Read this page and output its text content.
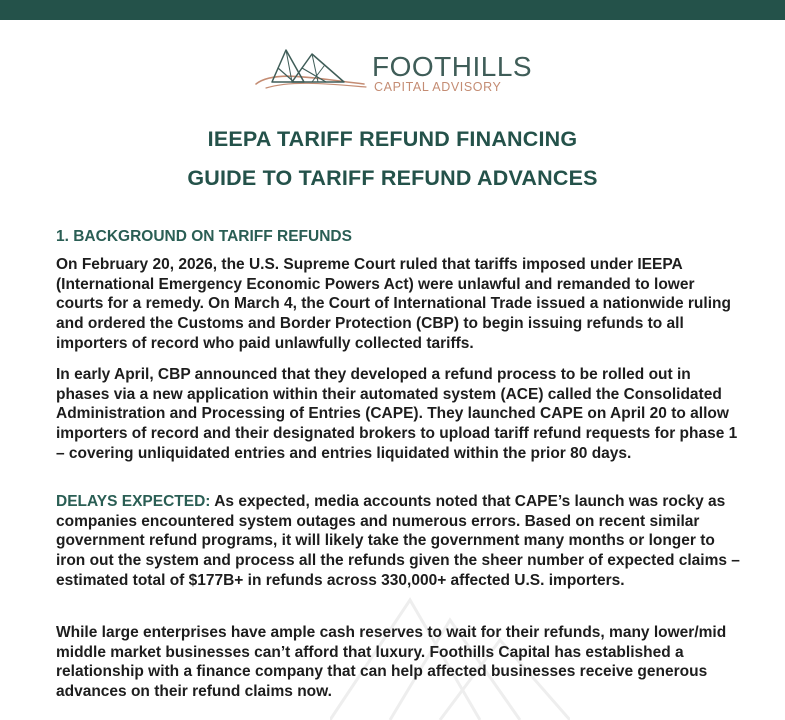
FOOTHILLS
CAPITAL ADVISORY
IEEPA TARIFF REFUND FINANCING
GUIDE TO TARIFF REFUND ADVANCES
1. BACKGROUND ON TARIFF REFUNDS

On February 20, 2026, the U.S. Supreme Court ruled that tariffs imposed under IEEPA (International Emergency Economic Powers Act) were unlawful and remanded to lower courts for a remedy. On March 4, the Court of International Trade issued a nationwide ruling and ordered the Customs and Border Protection (CBP) to begin issuing refunds to all importers of record who paid unlawfully collected tariffs.

In early April, CBP announced that they developed a refund process to be rolled out in phases via a new application within their automated system (ACE) called the Consolidated Administration and Processing of Entries (CAPE). They launched CAPE on April 20 to allow importers of record and their designated brokers to upload tariff refund requests for phase 1 – covering unliquidated entries and entries liquidated within the prior 80 days.

DELAYS EXPECTED: As expected, media accounts noted that CAPE’s launch was rocky as companies encountered system outages and numerous errors. Based on recent similar government refund programs, it will likely take the government many months or longer to iron out the system and process all the refunds given the sheer number of expected claims – estimated total of $177B+ in refunds across 330,000+ affected U.S. importers.

While large enterprises have ample cash reserves to wait for their refunds, many lower/mid middle market businesses can’t afford that luxury. Foothills Capital has established a relationship with a finance company that can help affected businesses receive generous advances on their refund claims now.
